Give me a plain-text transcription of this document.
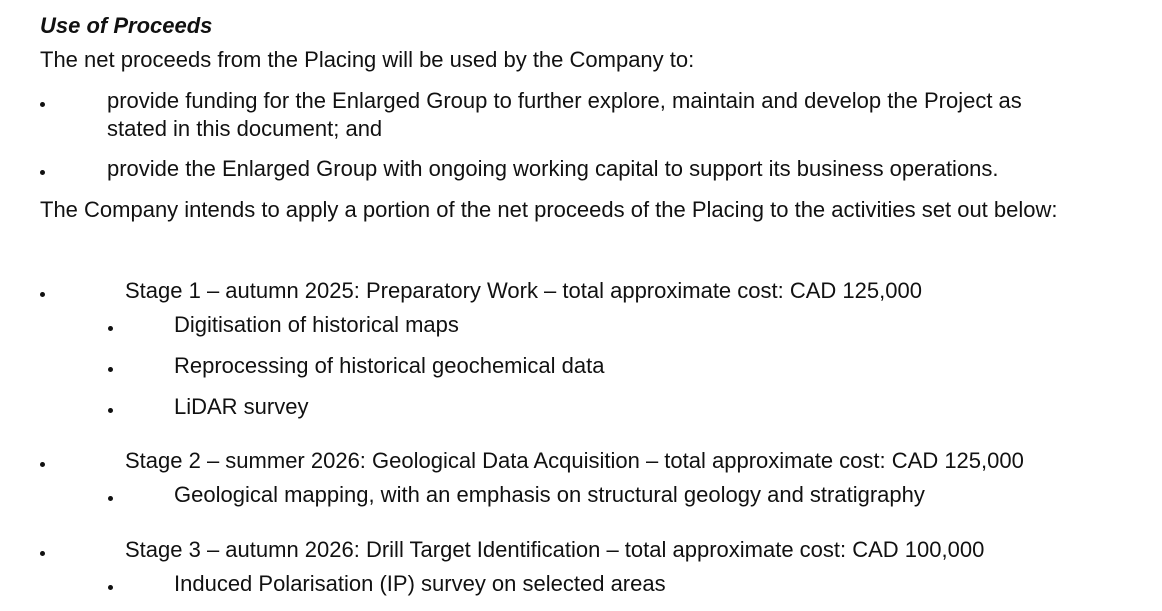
Use of Proceeds
The net proceeds from the Placing will be used by the Company to:
provide funding for the Enlarged Group to further explore, maintain and develop the Project as
stated in this document; and
provide the Enlarged Group with ongoing working capital to support its business operations.
The Company intends to apply a portion of the net proceeds of the Placing to the activities set out below:
Stage 1 – autumn 2025: Preparatory Work – total approximate cost: CAD 125,000
Digitisation of historical maps
Reprocessing of historical geochemical data
LiDAR survey
Stage 2 – summer 2026: Geological Data Acquisition – total approximate cost: CAD 125,000
Geological mapping, with an emphasis on structural geology and stratigraphy
Stage 3 – autumn 2026: Drill Target Identification – total approximate cost: CAD 100,000
Induced Polarisation (IP) survey on selected areas
